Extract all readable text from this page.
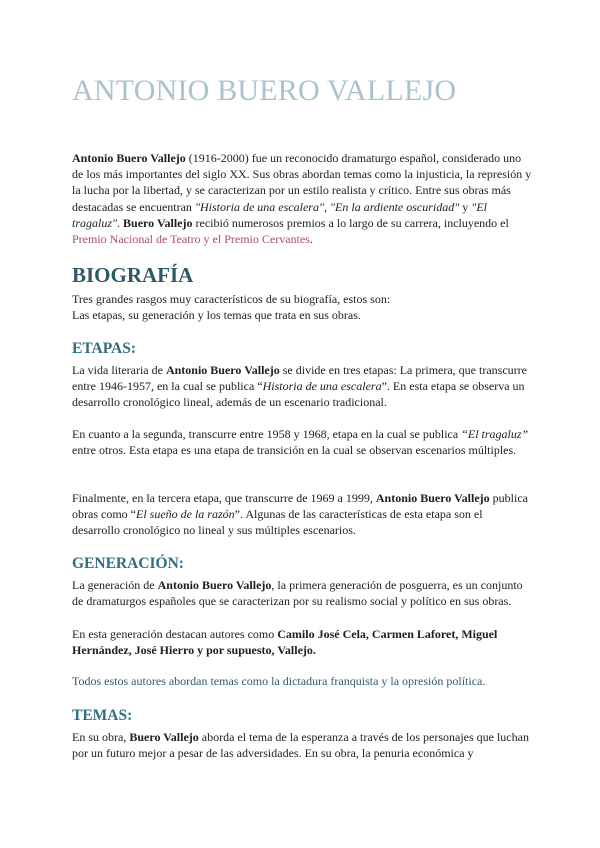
ANTONIO BUERO VALLEJO

Antonio Buero Vallejo (1916-2000) fue un reconocido dramaturgo español, considerado uno de los más importantes del siglo XX. Sus obras abordan temas como la injusticia, la represión y la lucha por la libertad, y se caracterizan por un estilo realista y crítico. Entre sus obras más destacadas se encuentran "Historia de una escalera", "En la ardiente oscuridad" y "El tragaluz". Buero Vallejo recibió numerosos premios a lo largo de su carrera, incluyendo el Premio Nacional de Teatro y el Premio Cervantes.

BIOGRAFÍA

Tres grandes rasgos muy característicos de su biografía, estos son:

Las etapas, su generación y los temas que trata en sus obras.

ETAPAS:

La vida literaria de Antonio Buero Vallejo se divide en tres etapas: La primera, que transcurre entre 1946-1957, en la cual se publica “Historia de una escalera”. En esta etapa se observa un desarrollo cronológico lineal, además de un escenario tradicional.

En cuanto a la segunda, transcurre entre 1958 y 1968, etapa en la cual se publica “El tragaluz” entre otros. Esta etapa es una etapa de transición en la cual se observan escenarios múltiples.

Finalmente, en la tercera etapa, que transcurre de 1969 a 1999, Antonio Buero Vallejo publica obras como “El sueño de la razón”. Algunas de las características de esta etapa son el desarrollo cronológico no lineal y sus múltiples escenarios.

GENERACIÓN:

La generación de Antonio Buero Vallejo, la primera generación de posguerra, es un conjunto de dramaturgos españoles que se caracterizan por su realismo social y político en sus obras.

En esta generación destacan autores como Camilo José Cela, Carmen Laforet, Miguel Hernández, José Hierro y por supuesto, Vallejo.

Todos estos autores abordan temas como la dictadura franquista y la opresión política.

TEMAS:

En su obra, Buero Vallejo aborda el tema de la esperanza a través de los personajes que luchan por un futuro mejor a pesar de las adversidades. En su obra, la penuria económica y
